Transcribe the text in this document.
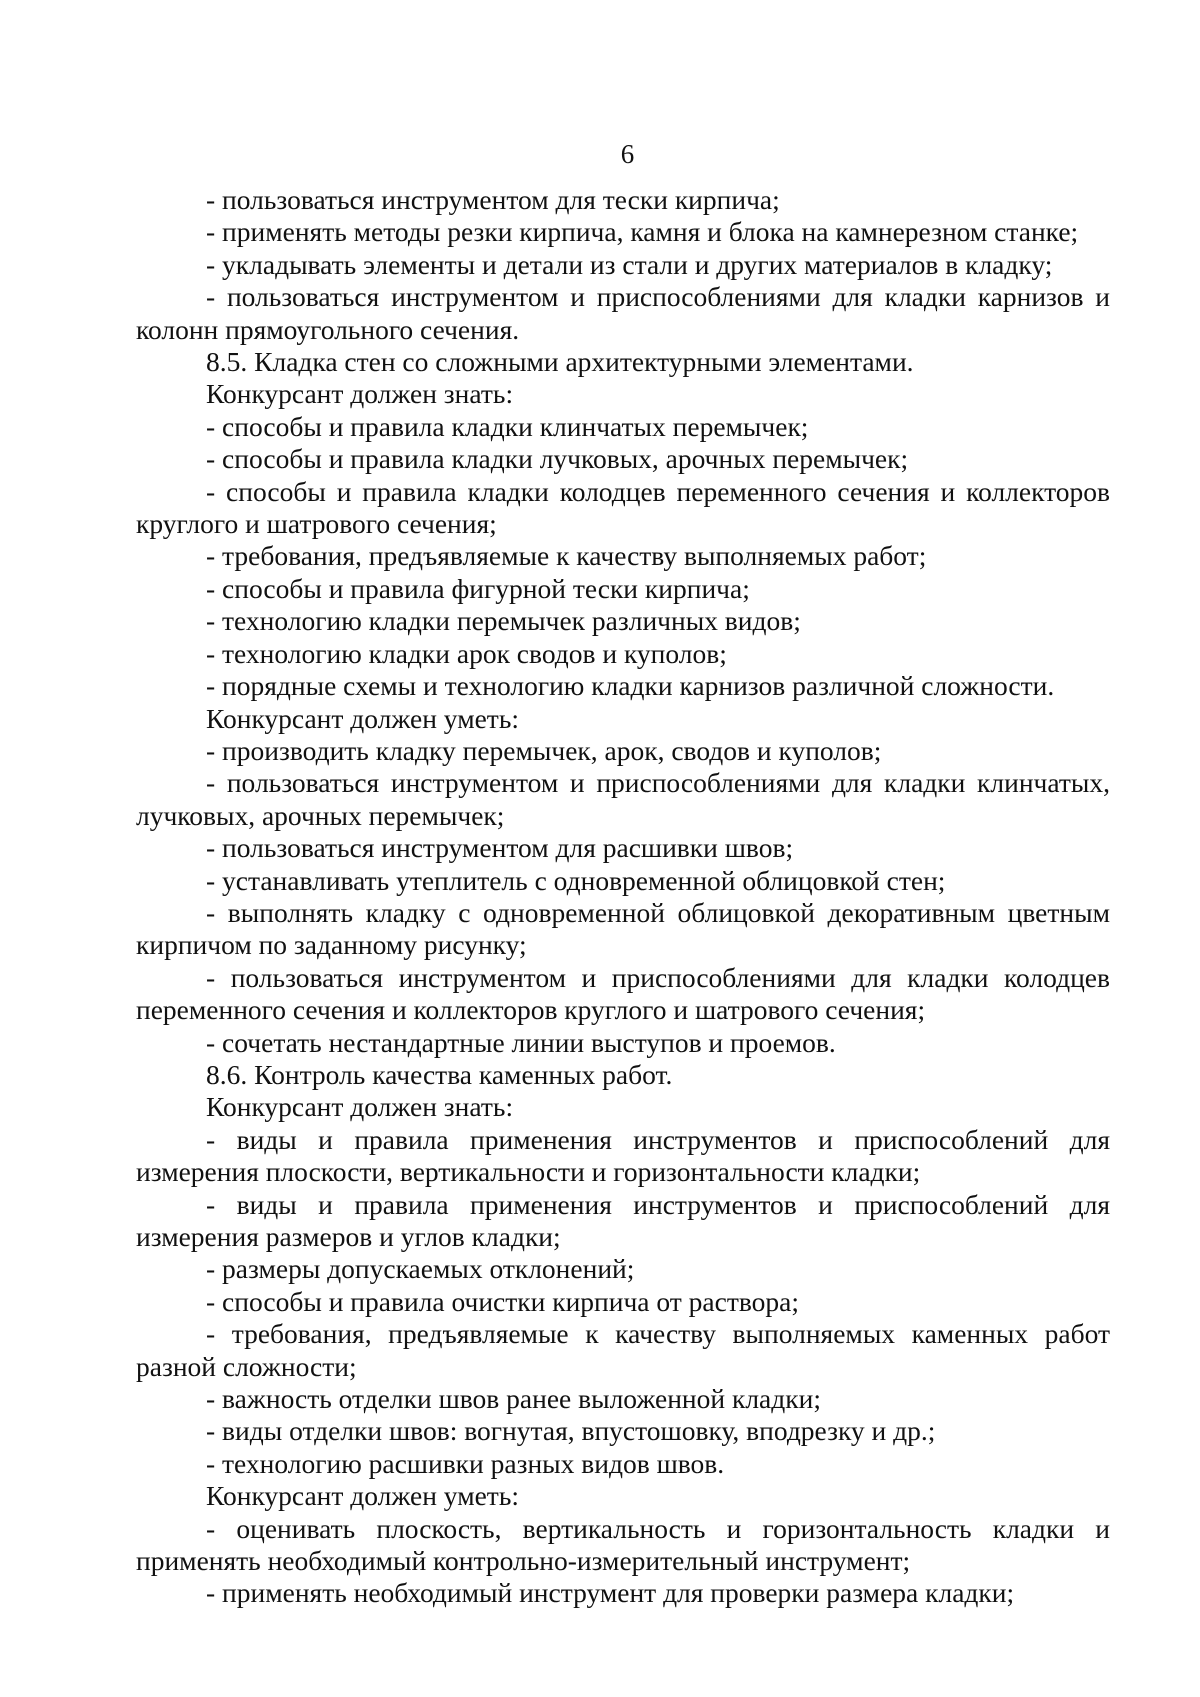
6

- пользоваться инструментом для тески кирпича;

- применять методы резки кирпича, камня и блока на камнерезном станке;

- укладывать элементы и детали из стали и других материалов в кладку;

- пользоваться инструментом и приспособлениями для кладки карнизов и колонн прямоугольного сечения.

8.5. Кладка стен со сложными архитектурными элементами.

Конкурсант должен знать:

- способы и правила кладки клинчатых перемычек;

- способы и правила кладки лучковых, арочных перемычек;

- способы и правила кладки колодцев переменного сечения и коллекторов круглого и шатрового сечения;

- требования, предъявляемые к качеству выполняемых работ;

- способы и правила фигурной тески кирпича;

- технологию кладки перемычек различных видов;

- технологию кладки арок сводов и куполов;

- порядные схемы и технологию кладки карнизов различной сложности.

Конкурсант должен уметь:

- производить кладку перемычек, арок, сводов и куполов;

- пользоваться инструментом и приспособлениями для кладки клинчатых, лучковых, арочных перемычек;

- пользоваться инструментом для расшивки швов;

- устанавливать утеплитель с одновременной облицовкой стен;

- выполнять кладку с одновременной облицовкой декоративным цветным кирпичом по заданному рисунку;

- пользоваться инструментом и приспособлениями для кладки колодцев переменного сечения и коллекторов круглого и шатрового сечения;

- сочетать нестандартные линии выступов и проемов.

8.6. Контроль качества каменных работ.

Конкурсант должен знать:

- виды и правила применения инструментов и приспособлений для измерения плоскости, вертикальности и горизонтальности кладки;

- виды и правила применения инструментов и приспособлений для измерения размеров и углов кладки;

- размеры допускаемых отклонений;

- способы и правила очистки кирпича от раствора;

- требования, предъявляемые к качеству выполняемых каменных работ разной сложности;

- важность отделки швов ранее выложенной кладки;

- виды отделки швов: вогнутая, впустошовку, вподрезку и др.;

- технологию расшивки разных видов швов.

Конкурсант должен уметь:

- оценивать плоскость, вертикальность и горизонтальность кладки и применять необходимый контрольно-измерительный инструмент;

- применять необходимый инструмент для проверки размера кладки;
